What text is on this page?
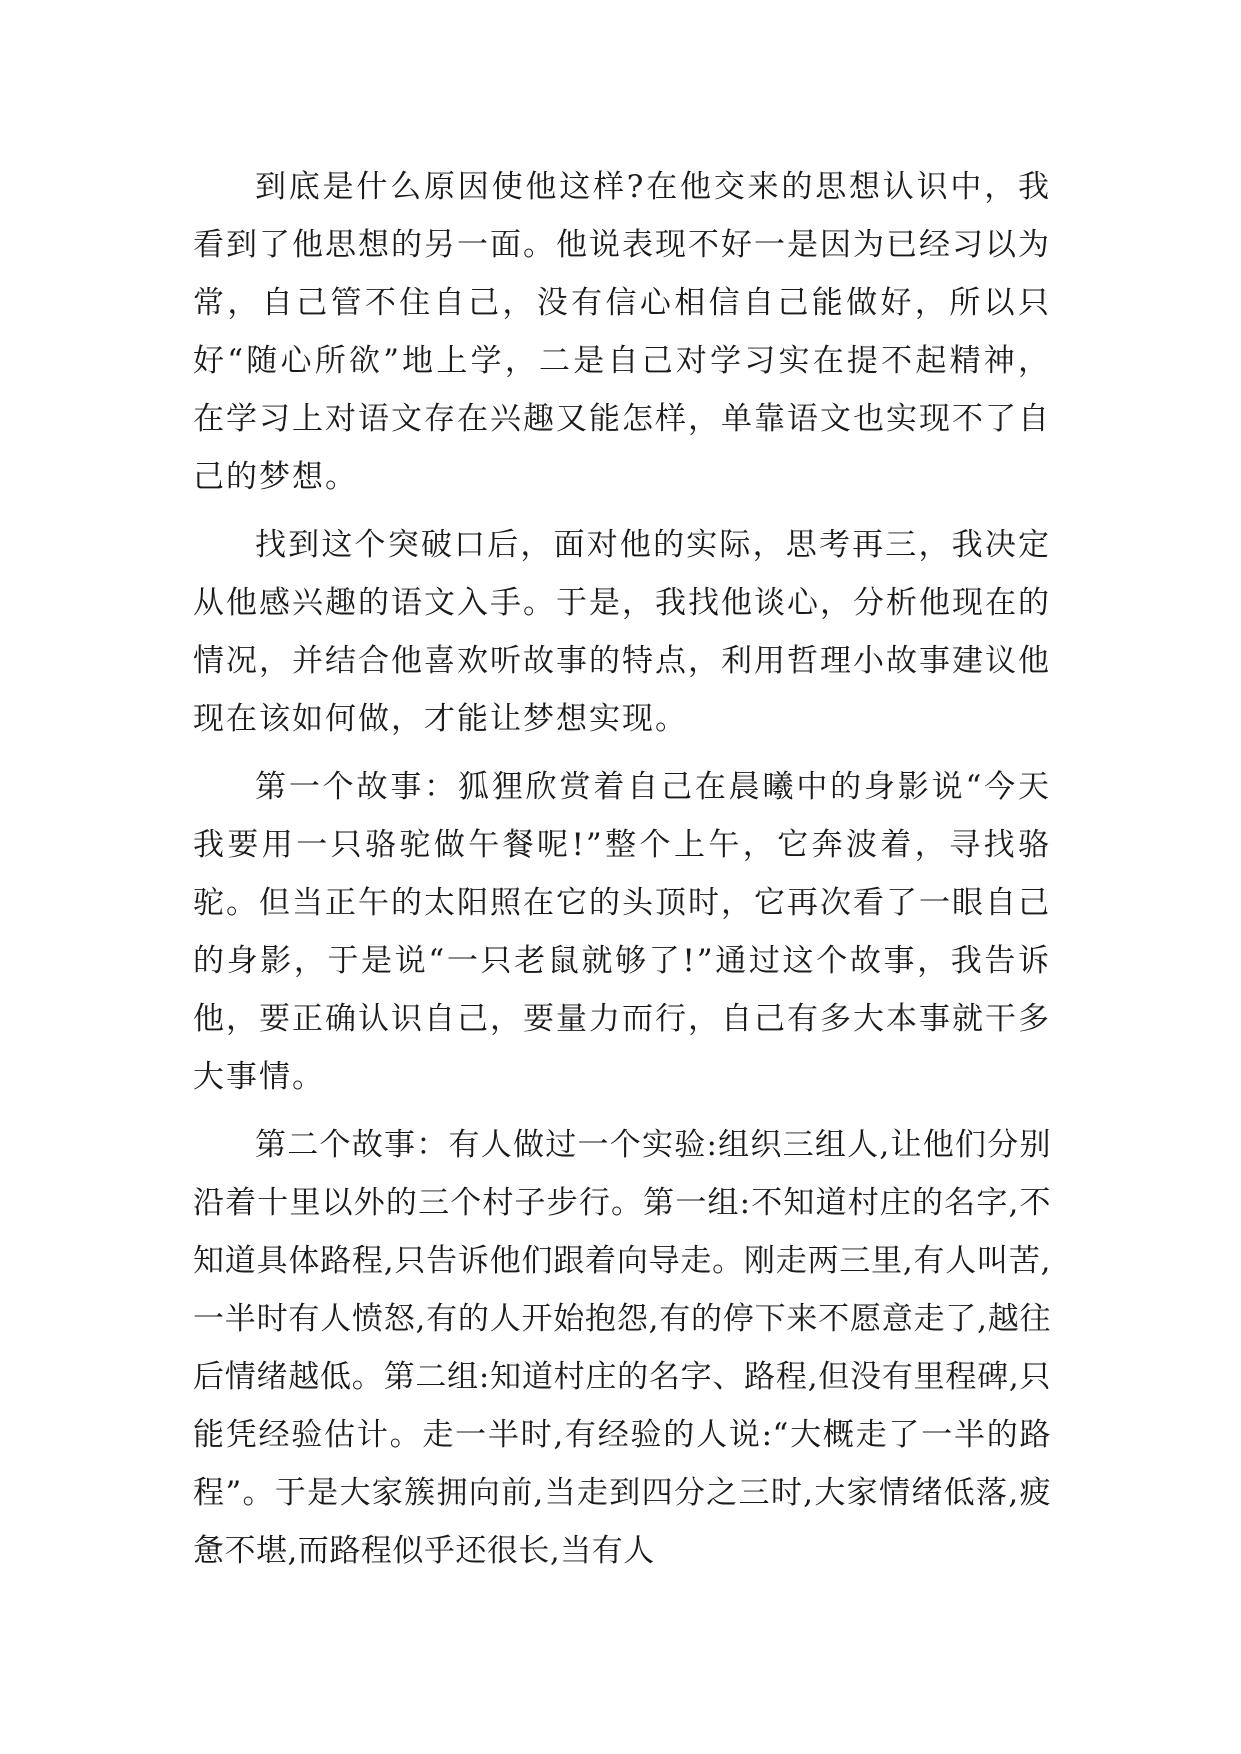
到底是什么原因使他这样?在他交来的思想认识中，我看到了他思想的另一面。他说表现不好一是因为已经习以为常，自己管不住自己，没有信心相信自己能做好，所以只好“随心所欲”地上学，二是自己对学习实在提不起精神，在学习上对语文存在兴趣又能怎样，单靠语文也实现不了自己的梦想。

找到这个突破口后，面对他的实际，思考再三，我决定从他感兴趣的语文入手。于是，我找他谈心，分析他现在的情况，并结合他喜欢听故事的特点，利用哲理小故事建议他现在该如何做，才能让梦想实现。

第一个故事：狐狸欣赏着自己在晨曦中的身影说“今天我要用一只骆驼做午餐呢!”整个上午，它奔波着，寻找骆驼。但当正午的太阳照在它的头顶时，它再次看了一眼自己的身影，于是说“一只老鼠就够了!”通过这个故事，我告诉他，要正确认识自己，要量力而行，自己有多大本事就干多大事情。

第二个故事：有人做过一个实验:组织三组人,让他们分别沿着十里以外的三个村子步行。第一组:不知道村庄的名字,不知道具体路程,只告诉他们跟着向导走。刚走两三里,有人叫苦,一半时有人愤怒,有的人开始抱怨,有的停下来不愿意走了,越往后情绪越低。第二组:知道村庄的名字、路程,但没有里程碑,只能凭经验估计。走一半时,有经验的人说:“大概走了一半的路程”。于是大家簇拥向前,当走到四分之三时,大家情绪低落,疲惫不堪,而路程似乎还很长,当有人
